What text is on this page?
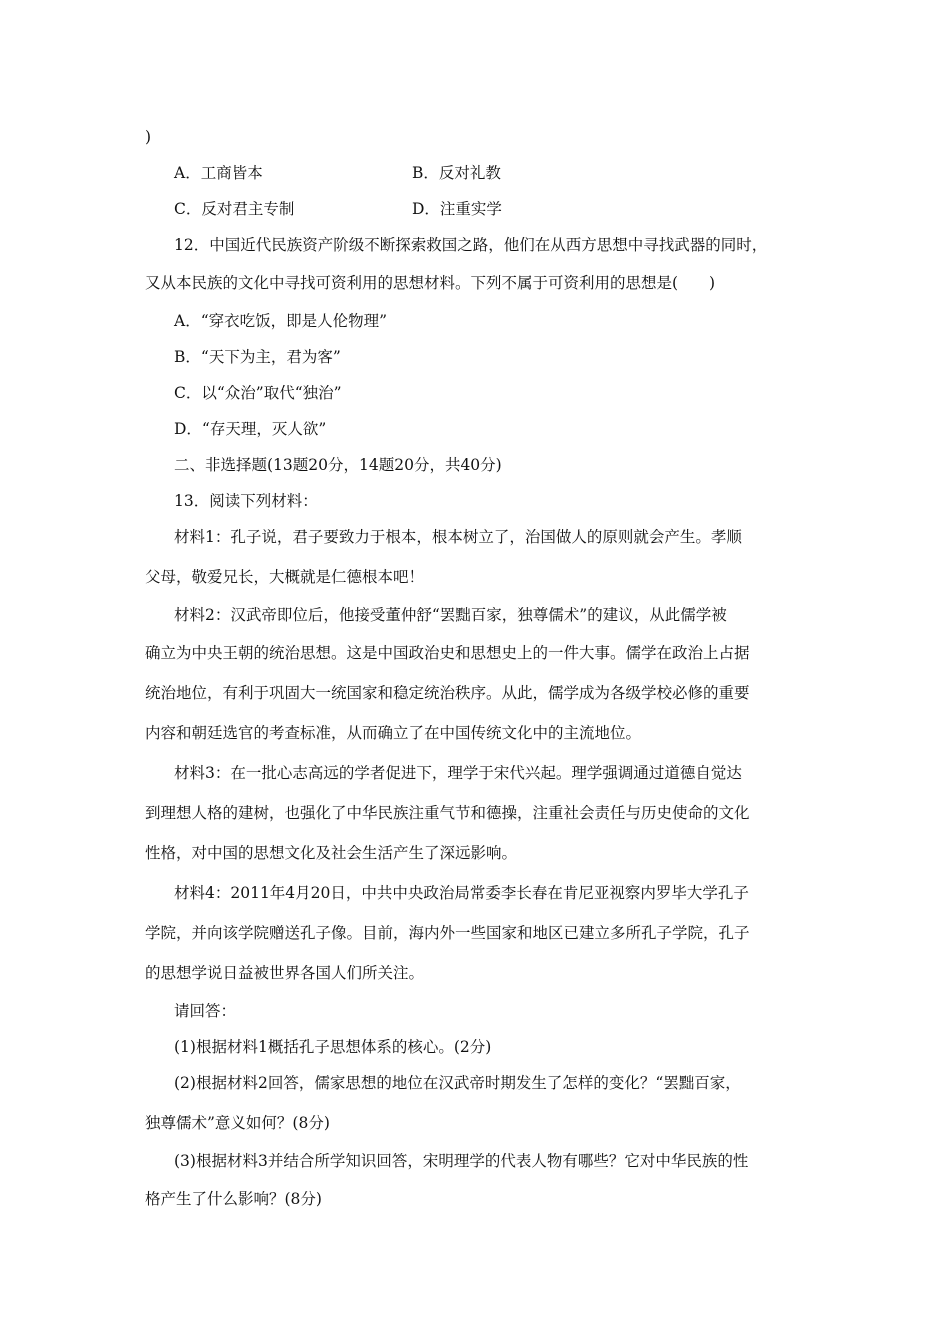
)
A．工商皆本	B．反对礼教
C．反对君主专制	D．注重实学
12．中国近代民族资产阶级不断探索救国之路，他们在从西方思想中寻找武器的同时，
又从本民族的文化中寻找可资利用的思想材料。下列不属于可资利用的思想是(　　)
A．“穿衣吃饭，即是人伦物理”
B．“天下为主，君为客”
C．以“众治”取代“独治”
D．“存天理，灭人欲”
二、非选择题(13题20分，14题20分，共40分)
13．阅读下列材料：
材料1：孔子说，君子要致力于根本，根本树立了，治国做人的原则就会产生。孝顺
父母，敬爱兄长，大概就是仁德根本吧！
材料2：汉武帝即位后，他接受董仲舒“罢黜百家，独尊儒术”的建议，从此儒学被
确立为中央王朝的统治思想。这是中国政治史和思想史上的一件大事。儒学在政治上占据
统治地位，有利于巩固大一统国家和稳定统治秩序。从此，儒学成为各级学校必修的重要
内容和朝廷选官的考查标准，从而确立了在中国传统文化中的主流地位。
材料3：在一批心志高远的学者促进下，理学于宋代兴起。理学强调通过道德自觉达
到理想人格的建树，也强化了中华民族注重气节和德操，注重社会责任与历史使命的文化
性格，对中国的思想文化及社会生活产生了深远影响。
材料4：2011年4月20日，中共中央政治局常委李长春在肯尼亚视察内罗毕大学孔子
学院，并向该学院赠送孔子像。目前，海内外一些国家和地区已建立多所孔子学院，孔子
的思想学说日益被世界各国人们所关注。
请回答：
(1)根据材料1概括孔子思想体系的核心。(2分)
(2)根据材料2回答，儒家思想的地位在汉武帝时期发生了怎样的变化？“罢黜百家，
独尊儒术”意义如何？(8分)
(3)根据材料3并结合所学知识回答，宋明理学的代表人物有哪些？它对中华民族的性
格产生了什么影响？(8分)
